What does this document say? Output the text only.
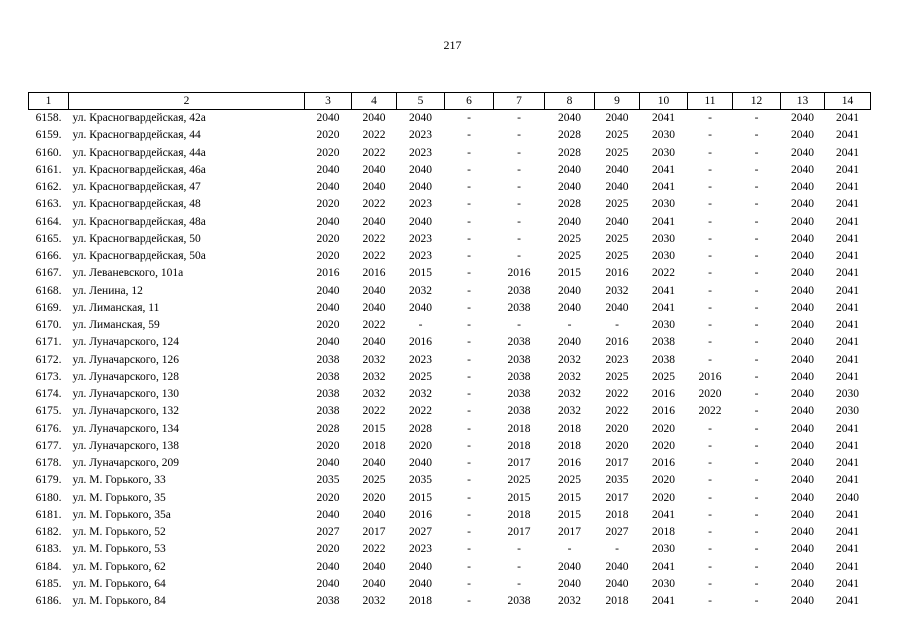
217
1	2	3	4	5	6	7	8	9	10	11	12	13	14
6158.	ул. Красногвардейская, 42а	2040	2040	2040	-	-	2040	2040	2041	-	-	2040	2041
6159.	ул. Красногвардейская, 44	2020	2022	2023	-	-	2028	2025	2030	-	-	2040	2041
6160.	ул. Красногвардейская, 44а	2020	2022	2023	-	-	2028	2025	2030	-	-	2040	2041
6161.	ул. Красногвардейская, 46а	2040	2040	2040	-	-	2040	2040	2041	-	-	2040	2041
6162.	ул. Красногвардейская, 47	2040	2040	2040	-	-	2040	2040	2041	-	-	2040	2041
6163.	ул. Красногвардейская, 48	2020	2022	2023	-	-	2028	2025	2030	-	-	2040	2041
6164.	ул. Красногвардейская, 48а	2040	2040	2040	-	-	2040	2040	2041	-	-	2040	2041
6165.	ул. Красногвардейская, 50	2020	2022	2023	-	-	2025	2025	2030	-	-	2040	2041
6166.	ул. Красногвардейская, 50а	2020	2022	2023	-	-	2025	2025	2030	-	-	2040	2041
6167.	ул. Леваневского, 101а	2016	2016	2015	-	2016	2015	2016	2022	-	-	2040	2041
6168.	ул. Ленина, 12	2040	2040	2032	-	2038	2040	2032	2041	-	-	2040	2041
6169.	ул. Лиманская, 11	2040	2040	2040	-	2038	2040	2040	2041	-	-	2040	2041
6170.	ул. Лиманская, 59	2020	2022	-	-	-	-	-	2030	-	-	2040	2041
6171.	ул. Луначарского, 124	2040	2040	2016	-	2038	2040	2016	2038	-	-	2040	2041
6172.	ул. Луначарского, 126	2038	2032	2023	-	2038	2032	2023	2038	-	-	2040	2041
6173.	ул. Луначарского, 128	2038	2032	2025	-	2038	2032	2025	2025	2016	-	2040	2041
6174.	ул. Луначарского, 130	2038	2032	2032	-	2038	2032	2022	2016	2020	-	2040	2030
6175.	ул. Луначарского, 132	2038	2022	2022	-	2038	2032	2022	2016	2022	-	2040	2030
6176.	ул. Луначарского, 134	2028	2015	2028	-	2018	2018	2020	2020	-	-	2040	2041
6177.	ул. Луначарского, 138	2020	2018	2020	-	2018	2018	2020	2020	-	-	2040	2041
6178.	ул. Луначарского, 209	2040	2040	2040	-	2017	2016	2017	2016	-	-	2040	2041
6179.	ул. М. Горького, 33	2035	2025	2035	-	2025	2025	2035	2020	-	-	2040	2041
6180.	ул. М. Горького, 35	2020	2020	2015	-	2015	2015	2017	2020	-	-	2040	2040
6181.	ул. М. Горького, 35а	2040	2040	2016	-	2018	2015	2018	2041	-	-	2040	2041
6182.	ул. М. Горького, 52	2027	2017	2027	-	2017	2017	2027	2018	-	-	2040	2041
6183.	ул. М. Горького, 53	2020	2022	2023	-	-	-	-	2030	-	-	2040	2041
6184.	ул. М. Горького, 62	2040	2040	2040	-	-	2040	2040	2041	-	-	2040	2041
6185.	ул. М. Горького, 64	2040	2040	2040	-	-	2040	2040	2030	-	-	2040	2041
6186.	ул. М. Горького, 84	2038	2032	2018	-	2038	2032	2018	2041	-	-	2040	2041
